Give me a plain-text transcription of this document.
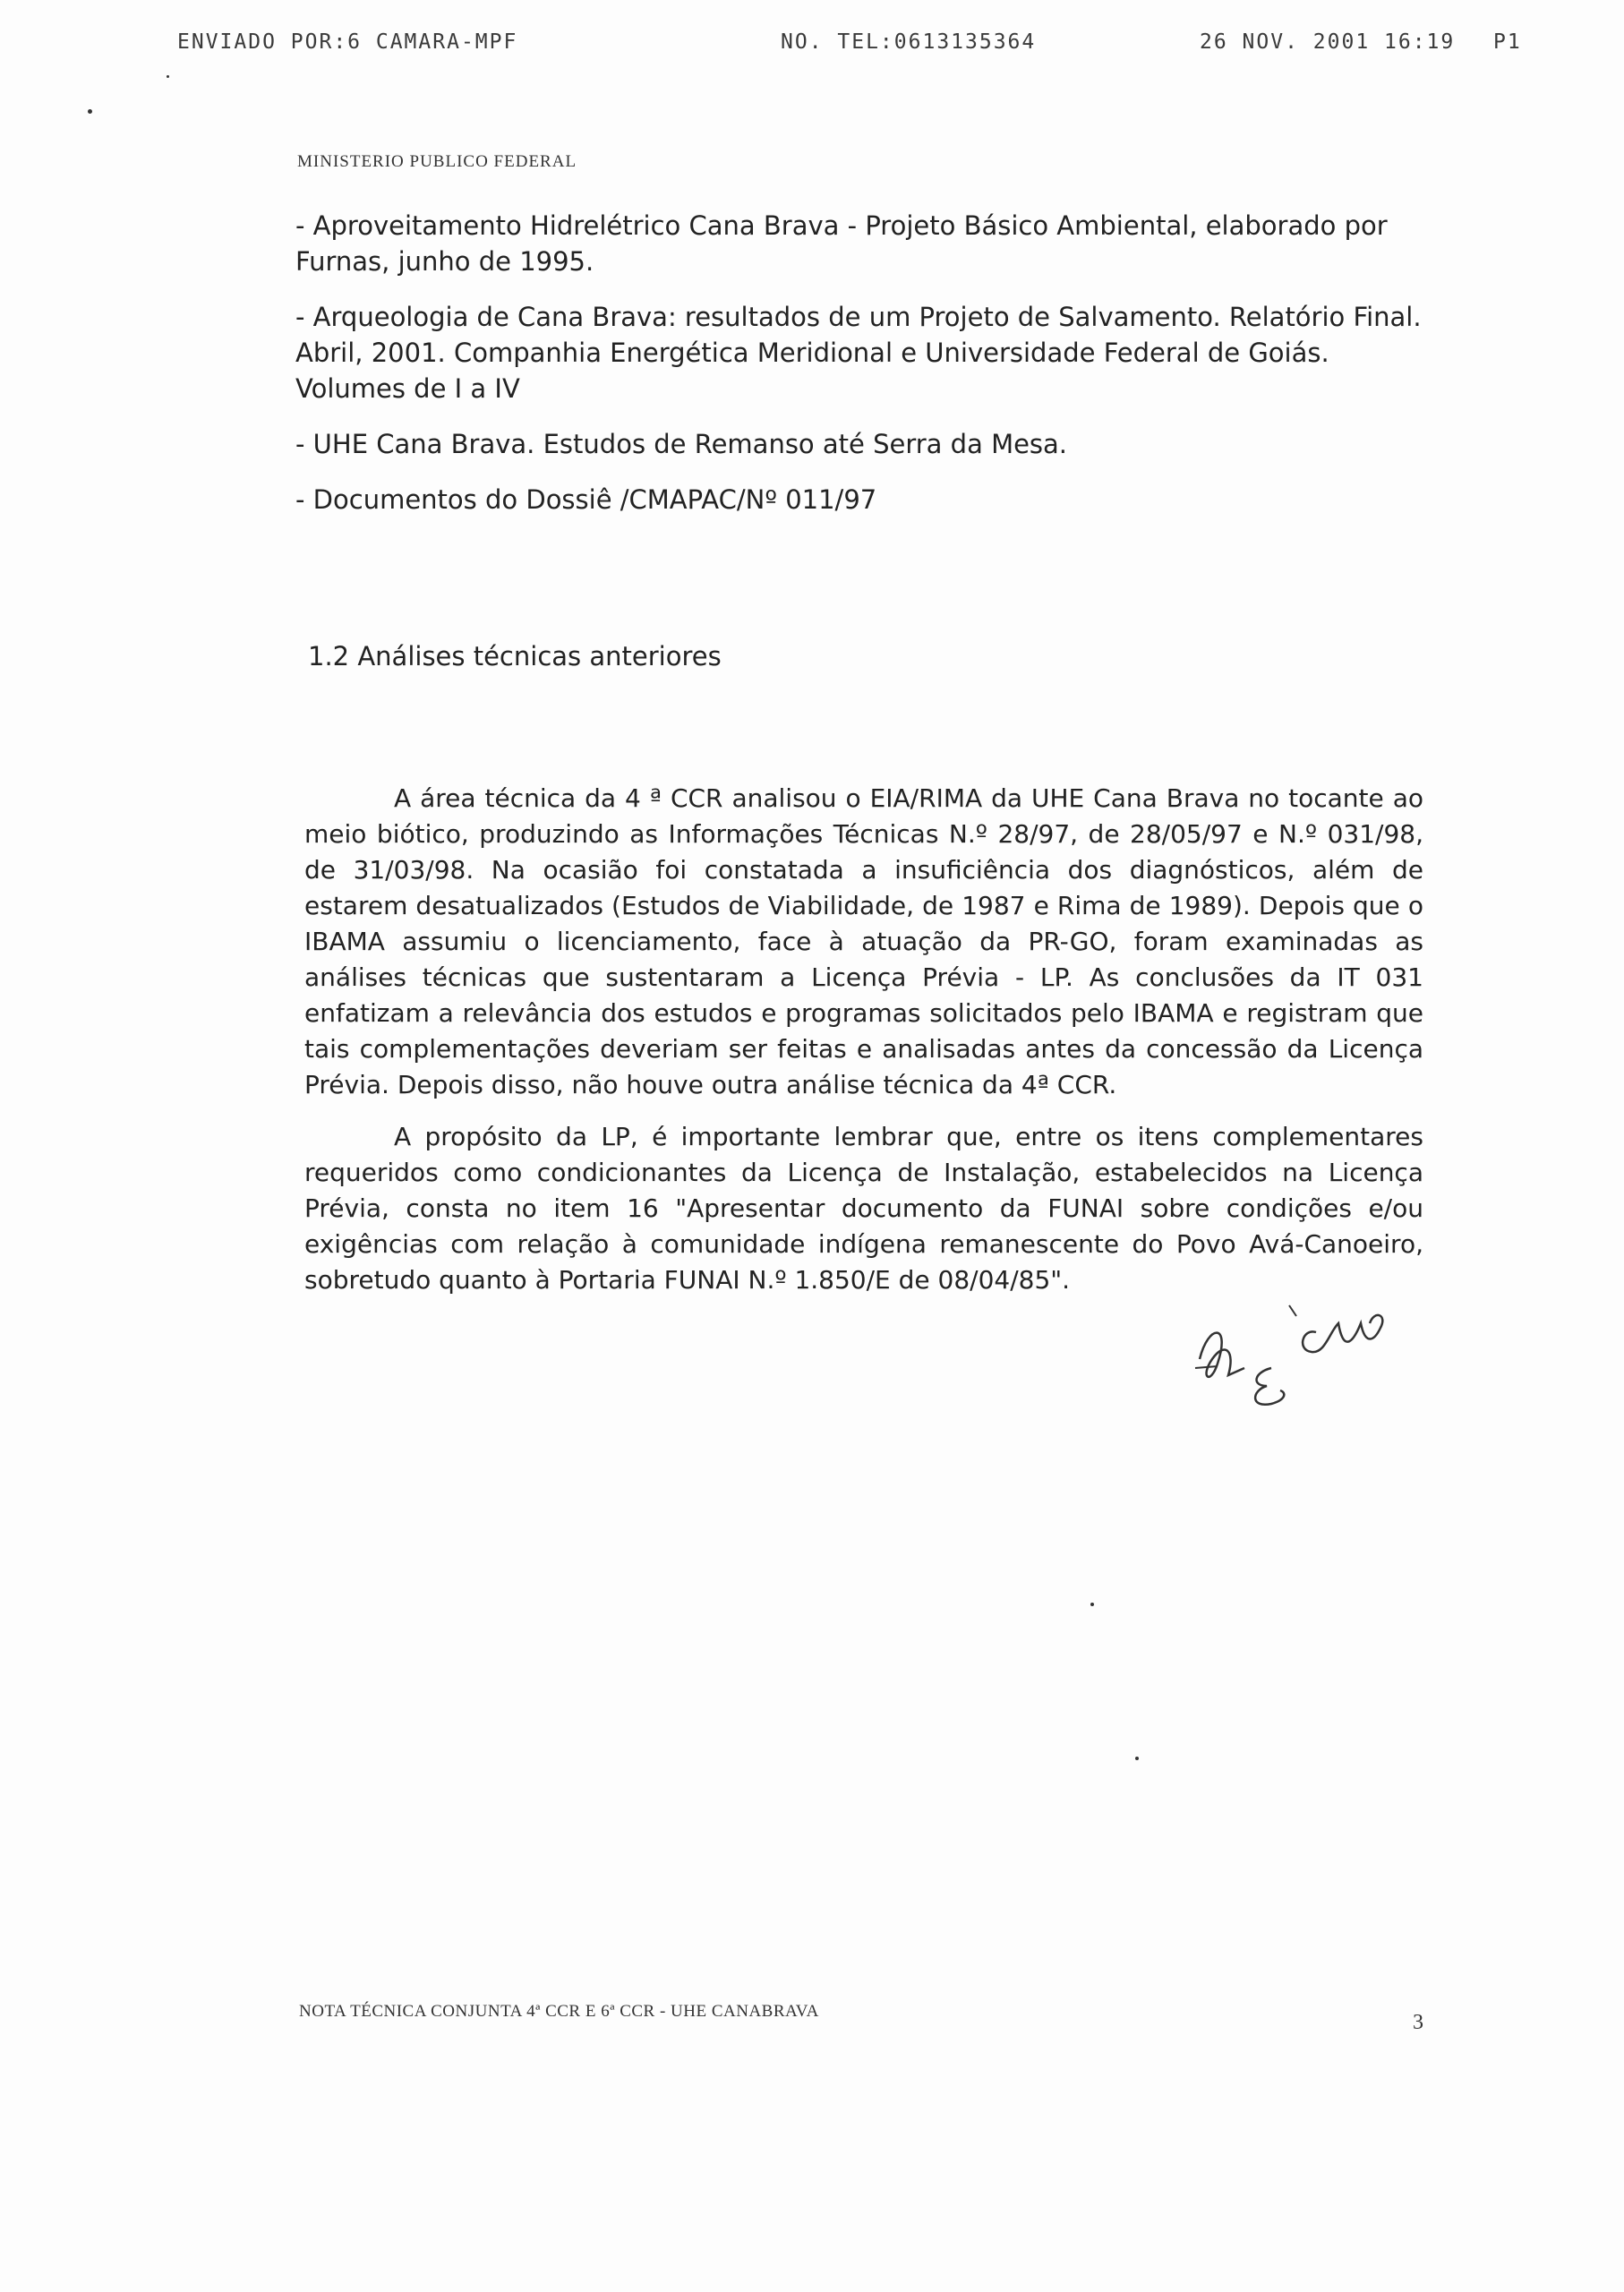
ENVIADO POR:6 CAMARA-MPF	NO. TEL:0613135364	26 NOV. 2001 16:19 P1
MINISTERIO PUBLICO FEDERAL

- Aproveitamento Hidrelétrico Cana Brava - Projeto Básico Ambiental, elaborado por Furnas, junho de 1995.

- Arqueologia de Cana Brava: resultados de um Projeto de Salvamento. Relatório Final. Abril, 2001. Companhia Energética Meridional e Universidade Federal de Goiás. Volumes de I a IV

- UHE Cana Brava. Estudos de Remanso até Serra da Mesa.

- Documentos do Dossiê /CMAPAC/Nº 011/97

1.2 Análises técnicas anteriores

A área técnica da 4 ª CCR analisou o EIA/RIMA da UHE Cana Brava no tocante ao meio biótico, produzindo as Informações Técnicas N.º 28/97, de 28/05/97 e N.º 031/98, de 31/03/98. Na ocasião foi constatada a insuficiência dos diagnósticos, além de estarem desatualizados (Estudos de Viabilidade, de 1987 e Rima de 1989). Depois que o IBAMA assumiu o licenciamento, face à atuação da PR-GO, foram examinadas as análises técnicas que sustentaram a Licença Prévia - LP. As conclusões da IT 031 enfatizam a relevância dos estudos e programas solicitados pelo IBAMA e registram que tais complementações deveriam ser feitas e analisadas antes da concessão da Licença Prévia. Depois disso, não houve outra análise técnica da 4ª CCR.

A propósito da LP, é importante lembrar que, entre os itens complementares requeridos como condicionantes da Licença de Instalação, estabelecidos na Licença Prévia, consta no item 16 "Apresentar documento da FUNAI sobre condições e/ou exigências com relação à comunidade indígena remanescente do Povo Avá-Canoeiro, sobretudo quanto à Portaria FUNAI N.º 1.850/E de 08/04/85".

NOTA TÉCNICA CONJUNTA 4ª CCR E 6ª CCR - UHE CANABRAVA	3
